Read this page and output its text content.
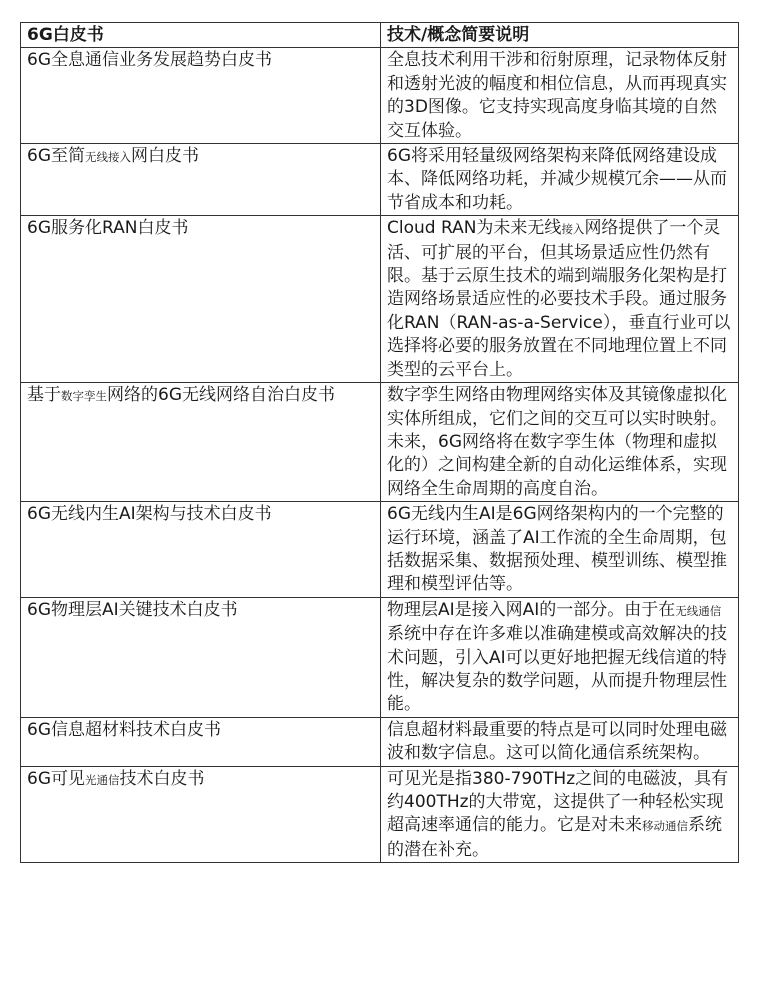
6G白皮书	技术/概念简要说明
6G全息通信业务发展趋势白皮书	全息技术利用干涉和衍射原理，记录物体反射和透射光波的幅度和相位信息，从而再现真实的3D图像。它支持实现高度身临其境的自然交互体验。
6G至简无线接入网白皮书	6G将采用轻量级网络架构来降低网络建设成本、降低网络功耗，并减少规模冗余——从而节省成本和功耗。
6G服务化RAN白皮书	Cloud RAN为未来无线接入网络提供了一个灵活、可扩展的平台，但其场景适应性仍然有限。基于云原生技术的端到端服务化架构是打造网络场景适应性的必要技术手段。通过服务化RAN（RAN-as-a-Service），垂直行业可以选择将必要的服务放置在不同地理位置上不同类型的云平台上。
基于数字孪生网络的6G无线网络自治白皮书	数字孪生网络由物理网络实体及其镜像虚拟化实体所组成，它们之间的交互可以实时映射。未来，6G网络将在数字孪生体（物理和虚拟化的）之间构建全新的自动化运维体系，实现网络全生命周期的高度自治。
6G无线内生AI架构与技术白皮书	6G无线内生AI是6G网络架构内的一个完整的运行环境，涵盖了AI工作流的全生命周期，包括数据采集、数据预处理、模型训练、模型推理和模型评估等。
6G物理层AI关键技术白皮书	物理层AI是接入网AI的一部分。由于在无线通信系统中存在许多难以准确建模或高效解决的技术问题，引入AI可以更好地把握无线信道的特性，解决复杂的数学问题，从而提升物理层性能。
6G信息超材料技术白皮书	信息超材料最重要的特点是可以同时处理电磁波和数字信息。这可以简化通信系统架构。
6G可见光通信技术白皮书	可见光是指380-790THz之间的电磁波，具有约400THz的大带宽，这提供了一种轻松实现超高速率通信的能力。它是对未来移动通信系统的潜在补充。
